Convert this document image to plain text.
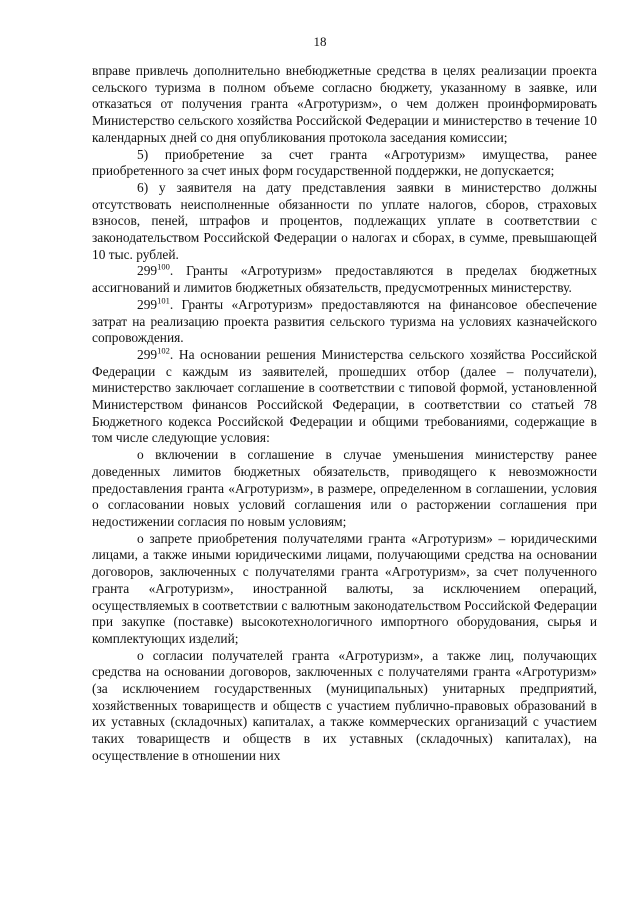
18

вправе привлечь дополнительно внебюджетные средства в целях реализации проекта сельского туризма в полном объеме согласно бюджету, указанному в заявке, или отказаться от получения гранта «Агротуризм», о чем должен проинформировать Министерство сельского хозяйства Российской Федерации и министерство в течение 10 календарных дней со дня опубликования протокола заседания комиссии;

5) приобретение за счет гранта «Агротуризм» имущества, ранее приобретенного за счет иных форм государственной поддержки, не допускается;

6) у заявителя на дату представления заявки в министерство должны отсутствовать неисполненные обязанности по уплате налогов, сборов, страховых взносов, пеней, штрафов и процентов, подлежащих уплате в соответствии с законодательством Российской Федерации о налогах и сборах, в сумме, превышающей 10 тыс. рублей.

$299^{100}$. Гранты «Агротуризм» предоставляются в пределах бюджетных ассигнований и лимитов бюджетных обязательств, предусмотренных министерству.

$299^{101}$. Гранты «Агротуризм» предоставляются на финансовое обеспечение затрат на реализацию проекта развития сельского туризма на условиях казначейского сопровождения.

$299^{102}$. На основании решения Министерства сельского хозяйства Российской Федерации с каждым из заявителей, прошедших отбор (далее – получатели), министерство заключает соглашение в соответствии с типовой формой, установленной Министерством финансов Российской Федерации, в соответствии со статьей 78 Бюджетного кодекса Российской Федерации и общими требованиями, содержащие в том числе следующие условия:

о включении в соглашение в случае уменьшения министерству ранее доведенных лимитов бюджетных обязательств, приводящего к невозможности предоставления гранта «Агротуризм», в размере, определенном в соглашении, условия о согласовании новых условий соглашения или о расторжении соглашения при недостижении согласия по новым условиям;

о запрете приобретения получателями гранта «Агротуризм» – юридическими лицами, а также иными юридическими лицами, получающими средства на основании договоров, заключенных с получателями гранта «Агротуризм», за счет полученного гранта «Агротуризм», иностранной валюты, за исключением операций, осуществляемых в соответствии с валютным законодательством Российской Федерации при закупке (поставке) высокотехнологичного импортного оборудования, сырья и комплектующих изделий;

о согласии получателей гранта «Агротуризм», а также лиц, получающих средства на основании договоров, заключенных с получателями гранта «Агротуризм» (за исключением государственных (муниципальных) унитарных предприятий, хозяйственных товариществ и обществ с участием публично-правовых образований в их уставных (складочных) капиталах, а также коммерческих организаций с участием таких товариществ и обществ в их уставных (складочных) капиталах), на осуществление в отношении них
